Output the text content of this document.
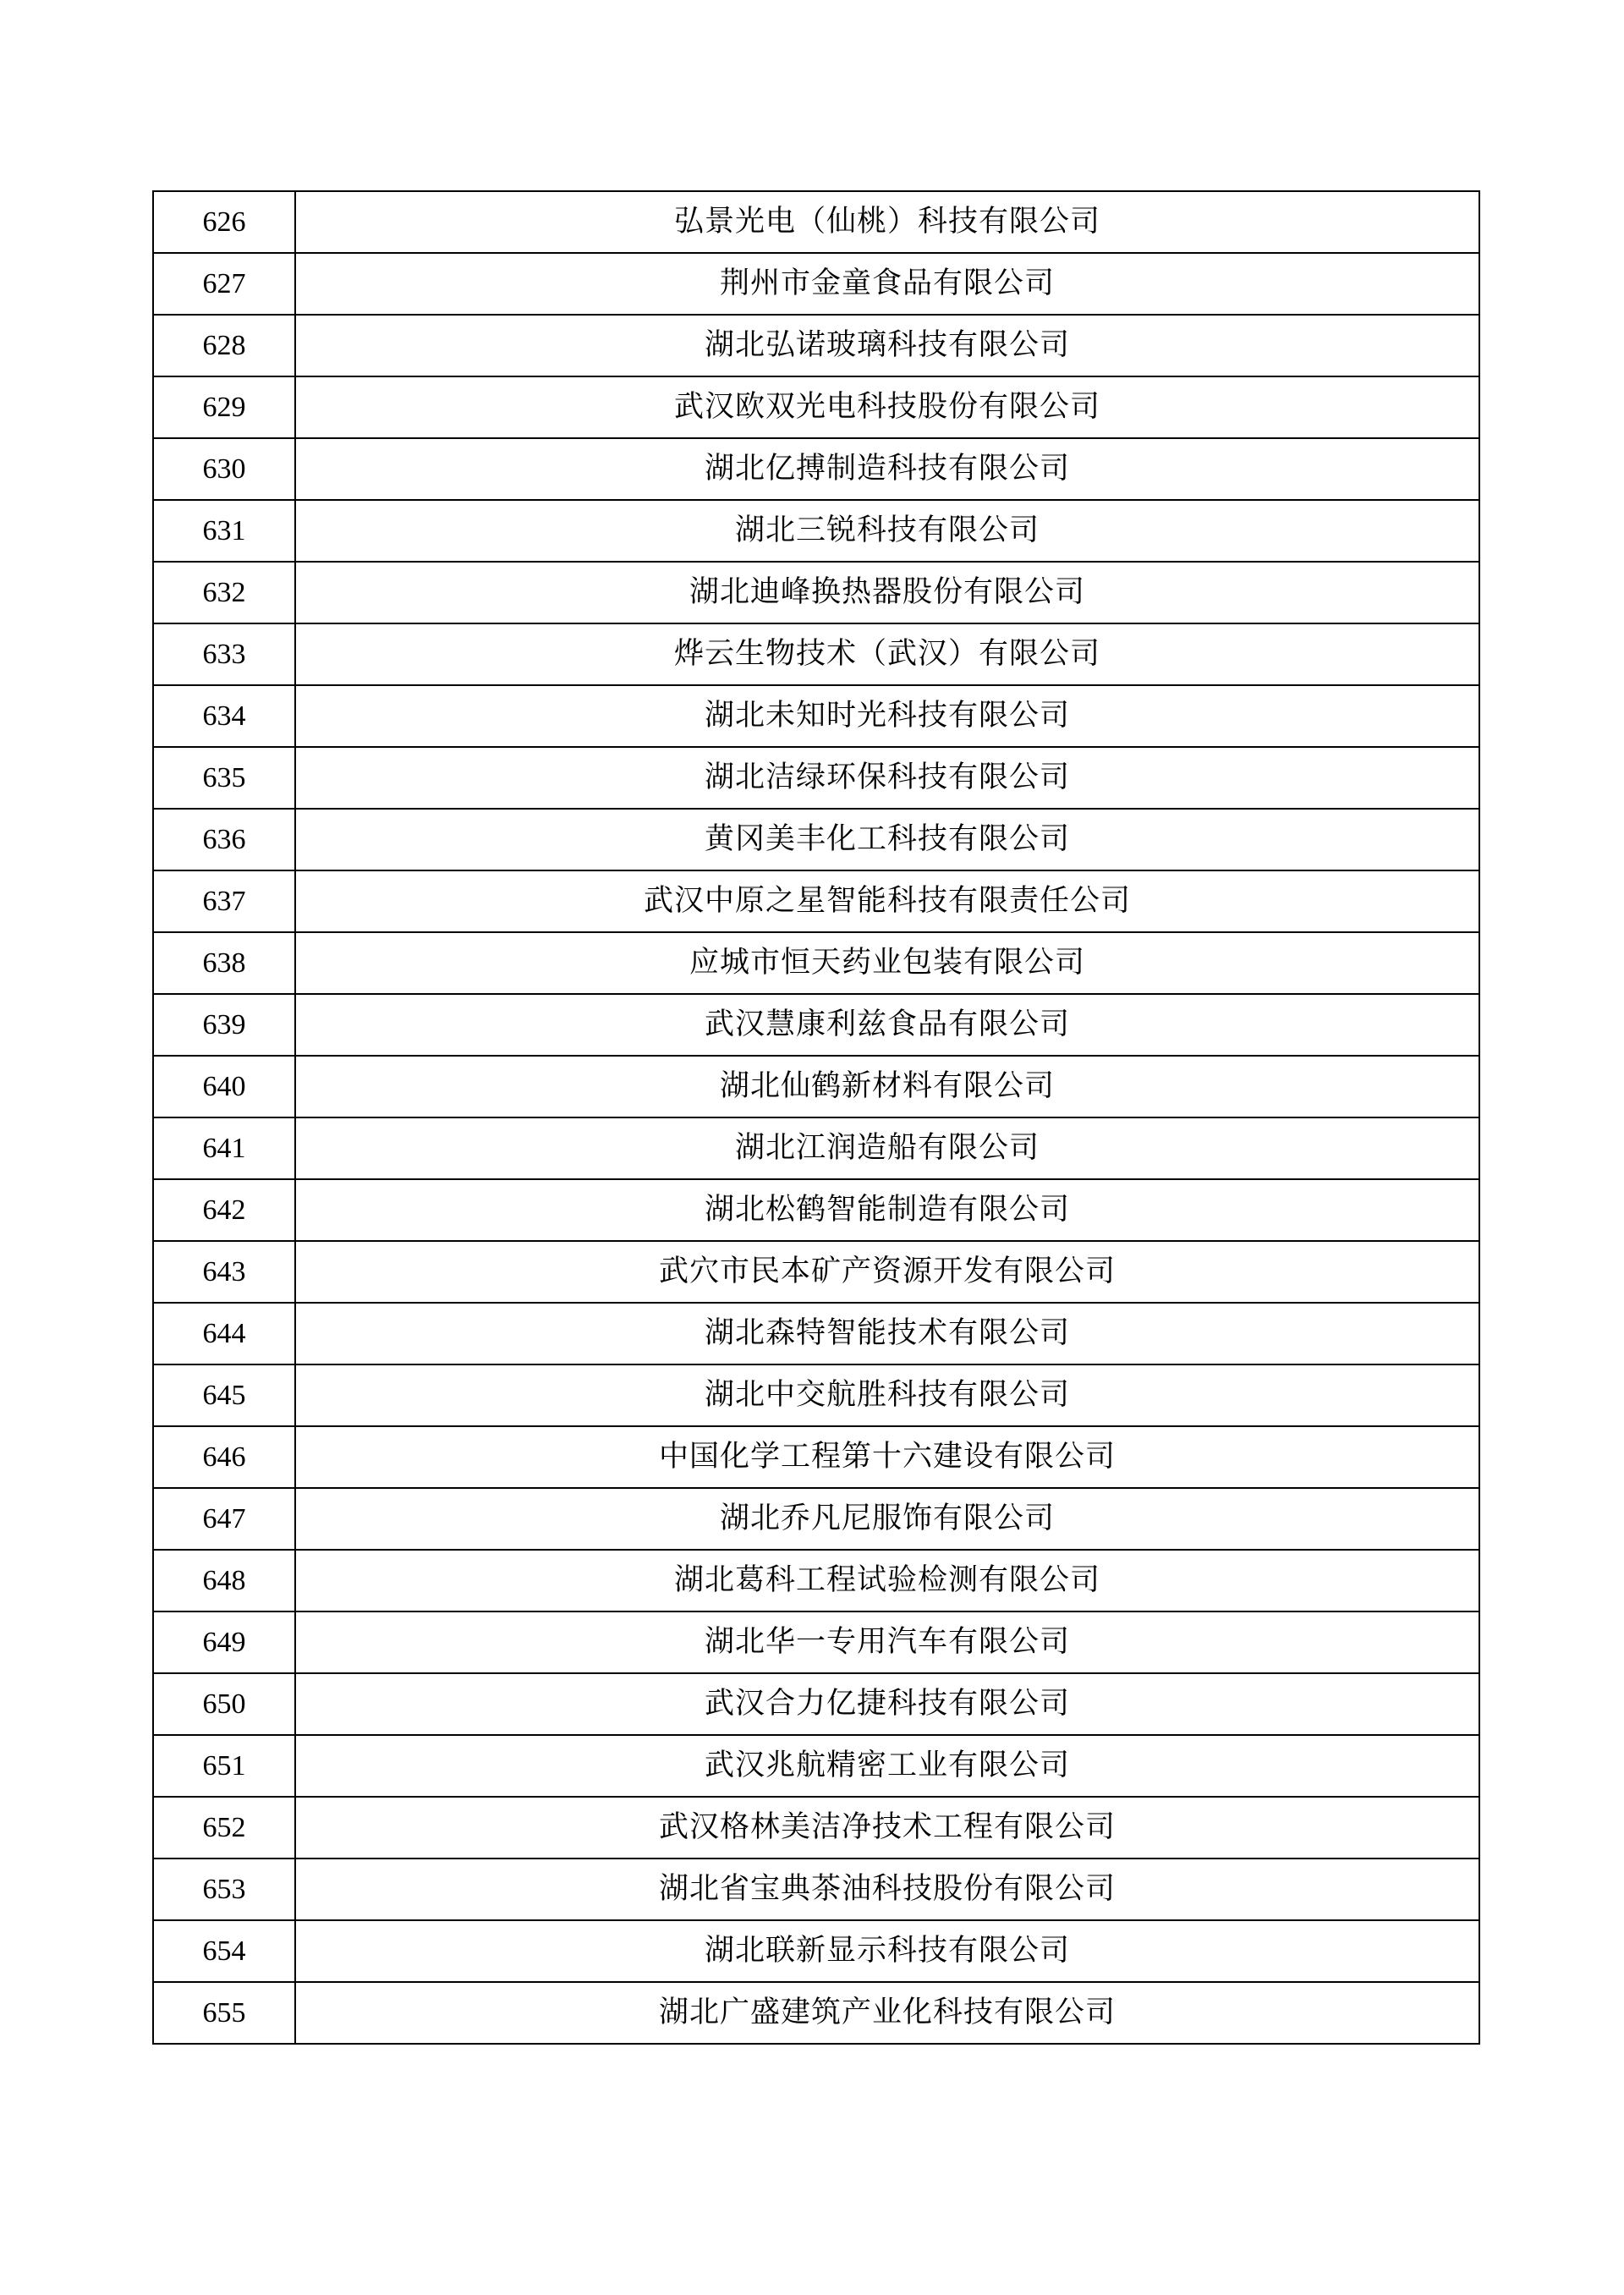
626	弘景光电（仙桃）科技有限公司
627	荆州市金童食品有限公司
628	湖北弘诺玻璃科技有限公司
629	武汉欧双光电科技股份有限公司
630	湖北亿搏制造科技有限公司
631	湖北三锐科技有限公司
632	湖北迪峰换热器股份有限公司
633	烨云生物技术（武汉）有限公司
634	湖北未知时光科技有限公司
635	湖北洁绿环保科技有限公司
636	黄冈美丰化工科技有限公司
637	武汉中原之星智能科技有限责任公司
638	应城市恒天药业包装有限公司
639	武汉慧康利兹食品有限公司
640	湖北仙鹤新材料有限公司
641	湖北江润造船有限公司
642	湖北松鹤智能制造有限公司
643	武穴市民本矿产资源开发有限公司
644	湖北森特智能技术有限公司
645	湖北中交航胜科技有限公司
646	中国化学工程第十六建设有限公司
647	湖北乔凡尼服饰有限公司
648	湖北葛科工程试验检测有限公司
649	湖北华一专用汽车有限公司
650	武汉合力亿捷科技有限公司
651	武汉兆航精密工业有限公司
652	武汉格林美洁净技术工程有限公司
653	湖北省宝典茶油科技股份有限公司
654	湖北联新显示科技有限公司
655	湖北广盛建筑产业化科技有限公司
